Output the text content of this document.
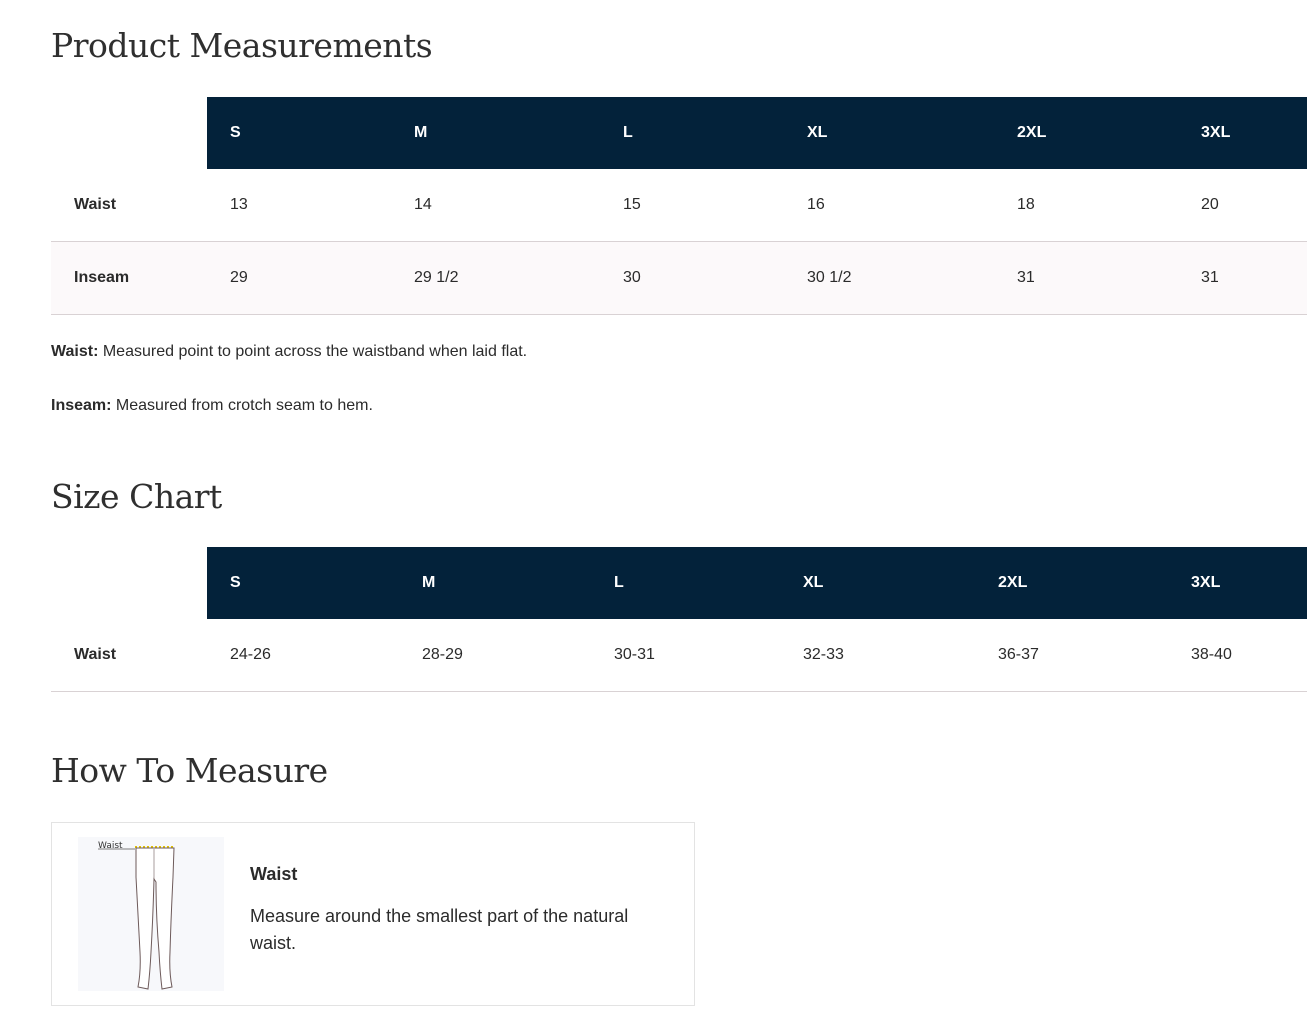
Product Measurements
	S	M	L	XL	2XL	3XL
Waist	13	14	15	16	18	20
Inseam	29	29 1/2	30	30 1/2	31	31

Waist: Measured point to point across the waistband when laid flat.

Inseam: Measured from crotch seam to hem.

Size Chart
	S	M	L	XL	2XL	3XL
Waist	24-26	28-29	30-31	32-33	36-37	38-40
How To Measure
Waist
Waist
Measure around the smallest part of the natural waist.
